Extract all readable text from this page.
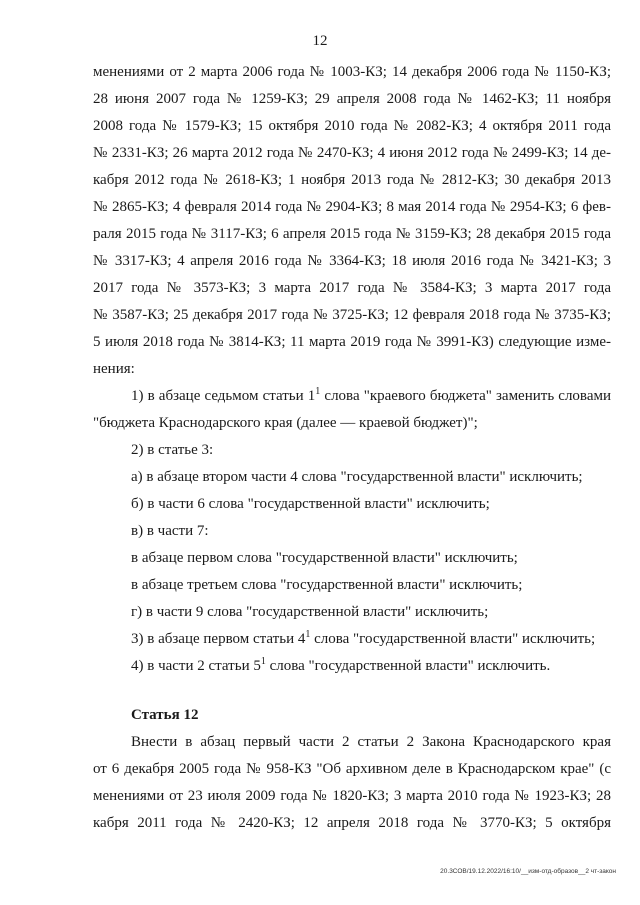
12
менениями от 2 марта 2006 года № 1003-КЗ; 14 декабря 2006 года № 1150-КЗ;
28 июня 2007 года № 1259-КЗ; 29 апреля 2008 года № 1462-КЗ; 11 ноября
2008 года № 1579-КЗ; 15 октября 2010 года № 2082-КЗ; 4 октября 2011 года
№ 2331-КЗ; 26 марта 2012 года № 2470-КЗ; 4 июня 2012 года № 2499-КЗ; 14 де-
кабря 2012 года № 2618-КЗ; 1 ноября 2013 года № 2812-КЗ; 30 декабря 2013
№ 2865-КЗ; 4 февраля 2014 года № 2904-КЗ; 8 мая 2014 года № 2954-КЗ; 6 фев-
раля 2015 года № 3117-КЗ; 6 апреля 2015 года № 3159-КЗ; 28 декабря 2015 года
№ 3317-КЗ; 4 апреля 2016 года № 3364-КЗ; 18 июля 2016 года № 3421-КЗ; 3
2017 года № 3573-КЗ; 3 марта 2017 года № 3584-КЗ; 3 марта 2017 года
№ 3587-КЗ; 25 декабря 2017 года № 3725-КЗ; 12 февраля 2018 года № 3735-КЗ;
5 июля 2018 года № 3814-КЗ; 11 марта 2019 года № 3991-КЗ) следующие изме-
нения:
1) в абзаце седьмом статьи $1^1$ слова "краевого бюджета" заменить словами
"бюджета Краснодарского края (далее — краевой бюджет)";
2) в статье 3:
а) в абзаце втором части 4 слова "государственной власти" исключить;
б) в части 6 слова "государственной власти" исключить;
в) в части 7:
в абзаце первом слова "государственной власти" исключить;
в абзаце третьем слова "государственной власти" исключить;
г) в части 9 слова "государственной власти" исключить;
3) в абзаце первом статьи $4^1$ слова "государственной власти" исключить;
4) в части 2 статьи $5^1$ слова "государственной власти" исключить.
Статья 12
Внести в абзац первый части 2 статьи 2 Закона Краснодарского края
от 6 декабря 2005 года № 958-КЗ "Об архивном деле в Краснодарском крае" (с
менениями от 23 июля 2009 года № 1820-КЗ; 3 марта 2010 года № 1923-КЗ; 28
кабря 2011 года № 2420-КЗ; 12 апреля 2018 года № 3770-КЗ; 5 октября
20.3СОВ/19.12.2022/16:10/__изм-отд-образов__2 чт-закон
